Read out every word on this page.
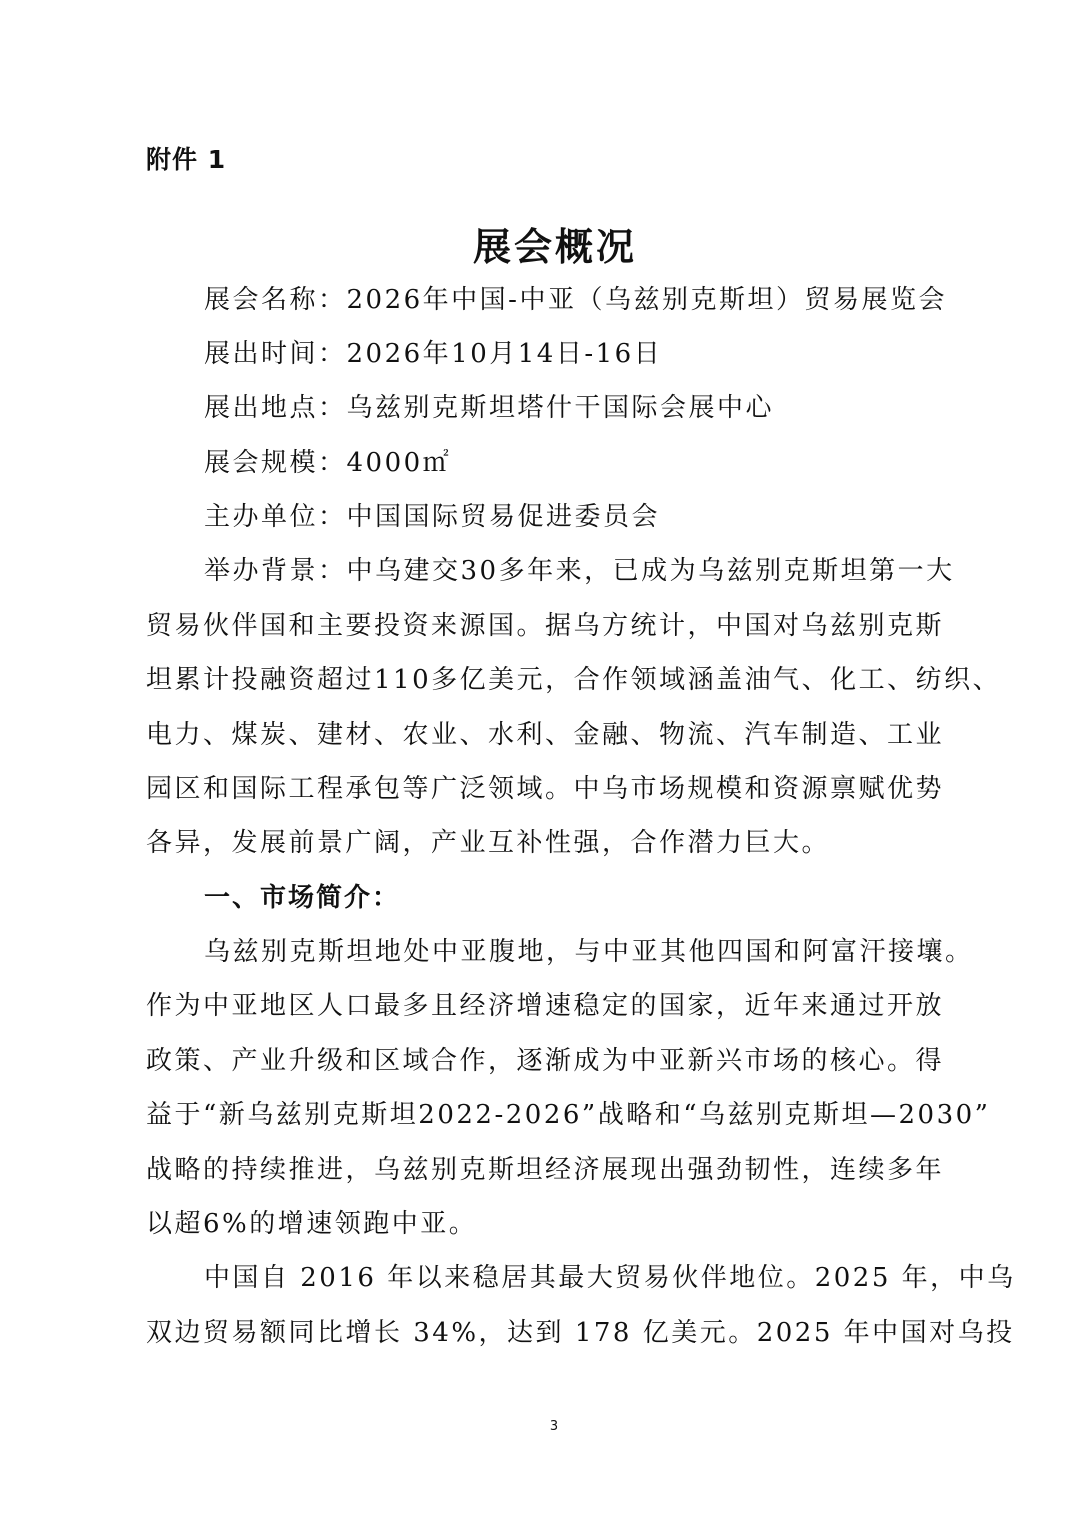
附件 1
展会概况
展会名称：2026年中国-中亚（乌兹别克斯坦）贸易展览会
展出时间：2026年10月14日-16日
展出地点：乌兹别克斯坦塔什干国际会展中心
展会规模：4000㎡
主办单位：中国国际贸易促进委员会
举办背景：中乌建交30多年来，已成为乌兹别克斯坦第一大
贸易伙伴国和主要投资来源国。据乌方统计，中国对乌兹别克斯
坦累计投融资超过110多亿美元，合作领域涵盖油气、化工、纺织、
电力、煤炭、建材、农业、水利、金融、物流、汽车制造、工业
园区和国际工程承包等广泛领域。中乌市场规模和资源禀赋优势
各异，发展前景广阔，产业互补性强，合作潜力巨大。
一、市场简介：
乌兹别克斯坦地处中亚腹地，与中亚其他四国和阿富汗接壤。
作为中亚地区人口最多且经济增速稳定的国家，近年来通过开放
政策、产业升级和区域合作，逐渐成为中亚新兴市场的核心。得
益于“新乌兹别克斯坦2022-2026”战略和“乌兹别克斯坦—2030”
战略的持续推进，乌兹别克斯坦经济展现出强劲韧性，连续多年
以超6%的增速领跑中亚。
中国自 2016 年以来稳居其最大贸易伙伴地位。2025 年，中乌
双边贸易额同比增长 34%，达到 178 亿美元。2025 年中国对乌投
3
